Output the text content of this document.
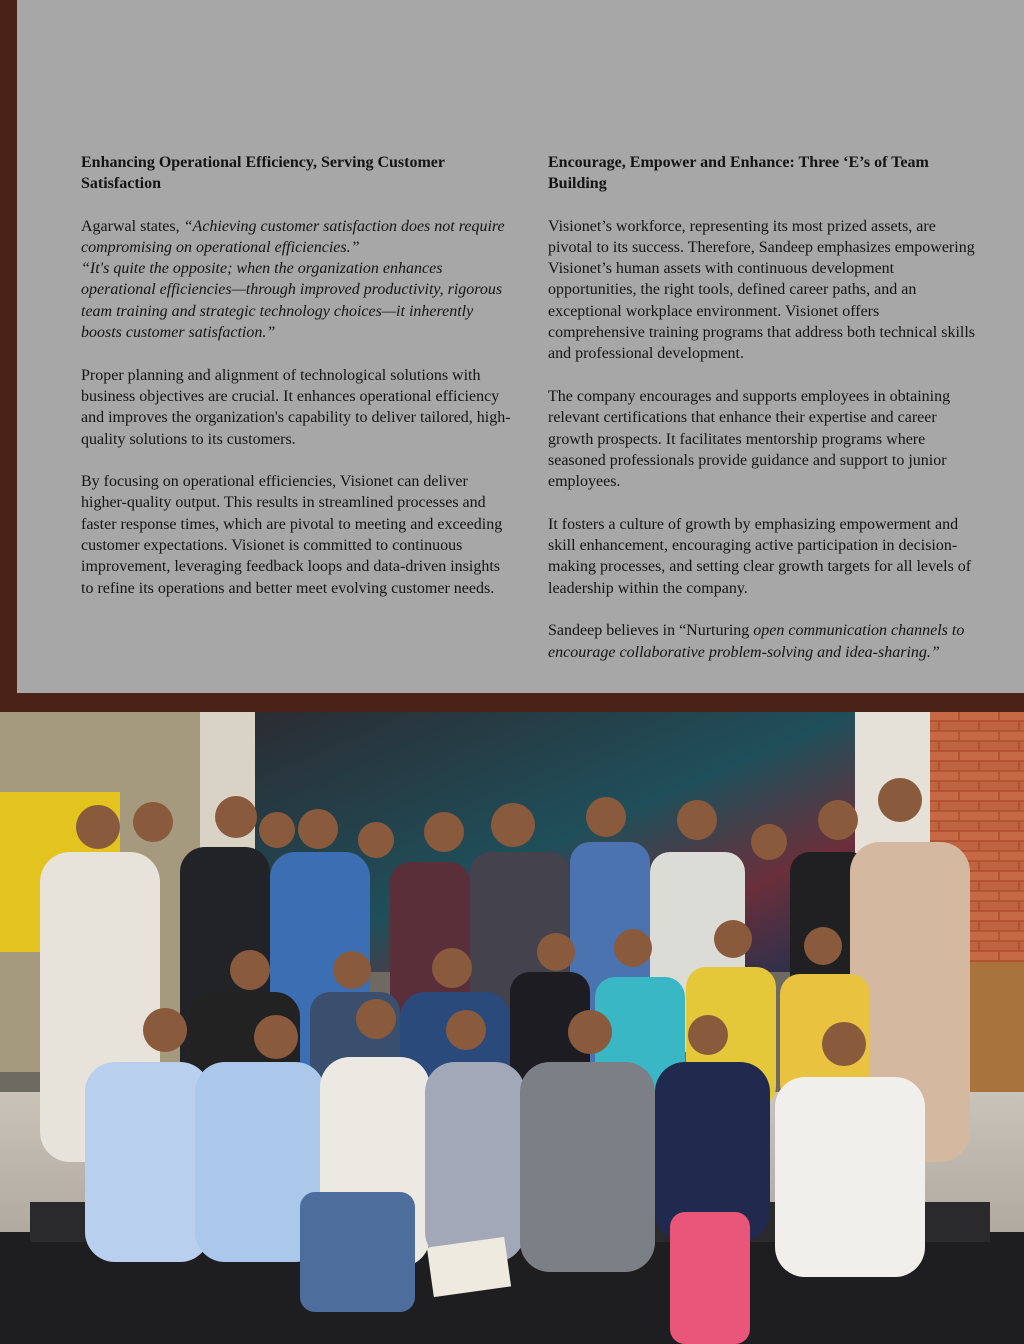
Enhancing Operational Efficiency, Serving Customer Satisfaction

Agarwal states, “Achieving customer satisfaction does not require compromising on operational efficiencies.”
“It's quite the opposite; when the organization enhances operational efficiencies—through improved productivity, rigorous team training and strategic technology choices—it inherently boosts customer satisfaction.”

Proper planning and alignment of technological solutions with business objectives are crucial. It enhances operational efficiency and improves the organization's capability to deliver tailored, high-quality solutions to its customers.

By focusing on operational efficiencies, Visionet can deliver higher-quality output. This results in streamlined processes and faster response times, which are pivotal to meeting and exceeding customer expectations. Visionet is committed to continuous improvement, leveraging feedback loops and data-driven insights to refine its operations and better meet evolving customer needs.

Encourage, Empower and Enhance: Three ‘E’s of Team Building

Visionet’s workforce, representing its most prized assets, are pivotal to its success. Therefore, Sandeep emphasizes empowering Visionet’s human assets with continuous development opportunities, the right tools, defined career paths, and an exceptional workplace environment. Visionet offers comprehensive training programs that address both technical skills and professional development.

The company encourages and supports employees in obtaining relevant certifications that enhance their expertise and career growth prospects. It facilitates mentorship programs where seasoned professionals provide guidance and support to junior employees.

It fosters a culture of growth by emphasizing empowerment and skill enhancement, encouraging active participation in decision-making processes, and setting clear growth targets for all levels of leadership within the company.

Sandeep believes in “Nurturing open communication channels to encourage collaborative problem-solving and idea-sharing.”
